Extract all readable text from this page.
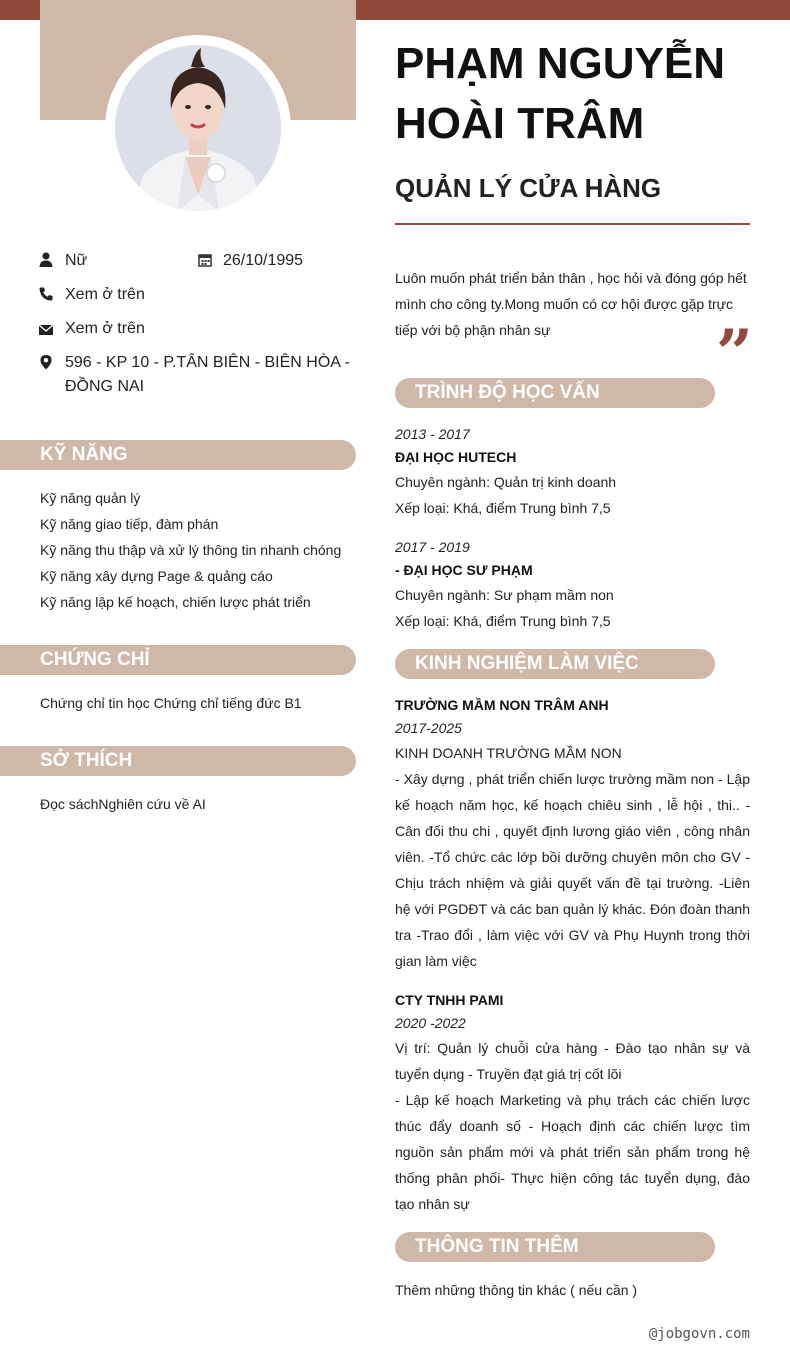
Nữ	26/10/1995
Xem ở trên
Xem ở trên
596 - KP 10 - P.TÂN BIÊN - BIÊN HÒA - ĐỒNG NAI
KỸ NĂNG
Kỹ năng quản lý
Kỹ năng giao tiếp, đàm phán
Kỹ năng thu thập và xử lý thông tin nhanh chóng
Kỹ năng xây dựng Page & quảng cáo
Kỹ năng lập kế hoạch, chiến lược phát triển
CHỨNG CHỈ
Chứng chỉ tin học Chứng chỉ tiếng đức B1
SỞ THÍCH
Đọc sáchNghiên cứu về AI
PHẠM NGUYỄN HOÀI TRÂM
QUẢN LÝ CỬA HÀNG
Luôn muốn phát triển bản thân , học hỏi và đóng góp hết mình cho công ty.Mong muốn có cơ hội được gặp trực tiếp với bộ phận nhân sự	”
TRÌNH ĐỘ HỌC VẤN
2013 - 2017
ĐẠI HỌC HUTECH
Chuyên ngành: Quản trị kinh doanh
Xếp loại: Khá, điểm Trung bình 7,5
2017 - 2019
- ĐẠI HỌC SƯ PHẠM
Chuyên ngành: Sư phạm mầm non
Xếp loại: Khá, điểm Trung bình 7,5
KINH NGHIỆM LÀM VIỆC
TRƯỜNG MẦM NON TRÂM ANH
2017-2025
KINH DOANH TRƯỜNG MẦM NON
- Xây dựng , phát triển chiến lược trường mầm non - Lập kế hoạch năm học, kế hoạch chiêu sinh , lễ hội , thi.. -Cân đối thu chi , quyết định lương giáo viên , công nhân viên. -Tổ chức các lớp bồi dưỡng chuyên môn cho GV -Chịu trách nhiệm và giải quyết vấn đề tại trường. -Liên hệ với PGDĐT và các ban quản lý khác. Đón đoàn thanh tra -Trao đổi , làm việc với GV và Phụ Huynh trong thời gian làm việc
CTY TNHH PAMI
2020 -2022
Vị trí: Quản lý chuỗi cửa hàng - Đào tạo nhân sự và tuyển dụng - Truyền đạt giá trị cốt lõi
- Lập kế hoạch Marketing và phụ trách các chiến lược thúc đẩy doanh số - Hoạch định các chiến lược tìm nguồn sản phẩm mới và phát triển sản phẩm trong hệ thống phân phối- Thực hiện công tác tuyển dụng, đào tạo nhân sự
THÔNG TIN THÊM
Thêm những thông tin khác ( nếu cần )
@jobgovn.com
